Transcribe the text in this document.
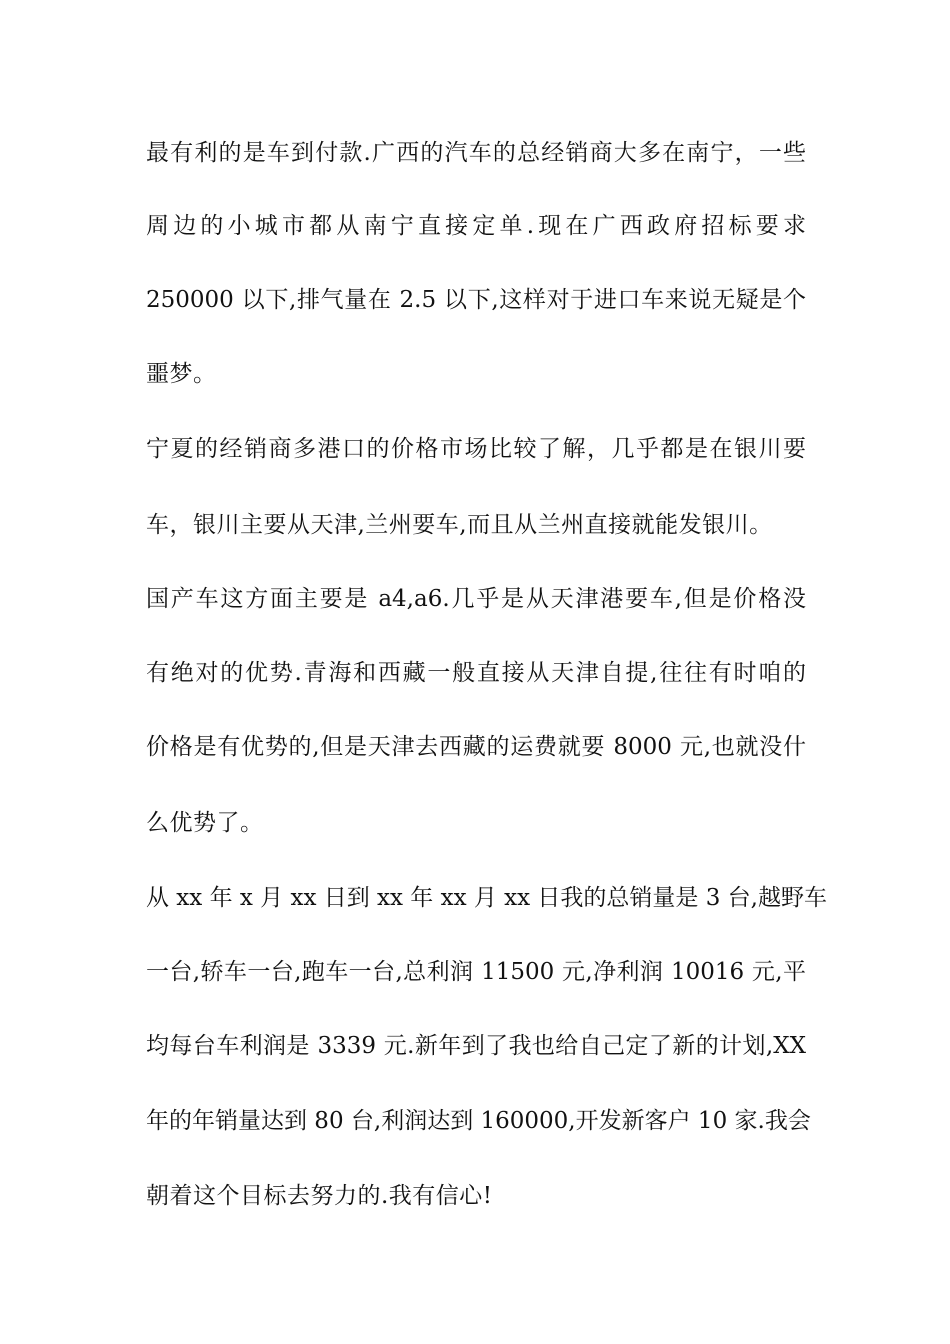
最有利的是车到付款.广西的汽车的总经销商大多在南宁，一些
周边的小城市都从南宁直接定单.现在广西政府招标要求
250000 以下,排气量在 2.5 以下,这样对于进口车来说无疑是个
噩梦。
宁夏的经销商多港口的价格市场比较了解，几乎都是在银川要
车，银川主要从天津,兰州要车,而且从兰州直接就能发银川。
国产车这方面主要是 a4,a6.几乎是从天津港要车,但是价格没
有绝对的优势.青海和西藏一般直接从天津自提,往往有时咱的
价格是有优势的,但是天津去西藏的运费就要 8000 元,也就没什
么优势了。
从 xx 年 x 月 xx 日到 xx 年 xx 月 xx 日我的总销量是 3 台,越野车
一台,轿车一台,跑车一台,总利润 11500 元,净利润 10016 元,平
均每台车利润是 3339 元.新年到了我也给自己定了新的计划,XX
年的年销量达到 80 台,利润达到 160000,开发新客户 10 家.我会
朝着这个目标去努力的.我有信心!
